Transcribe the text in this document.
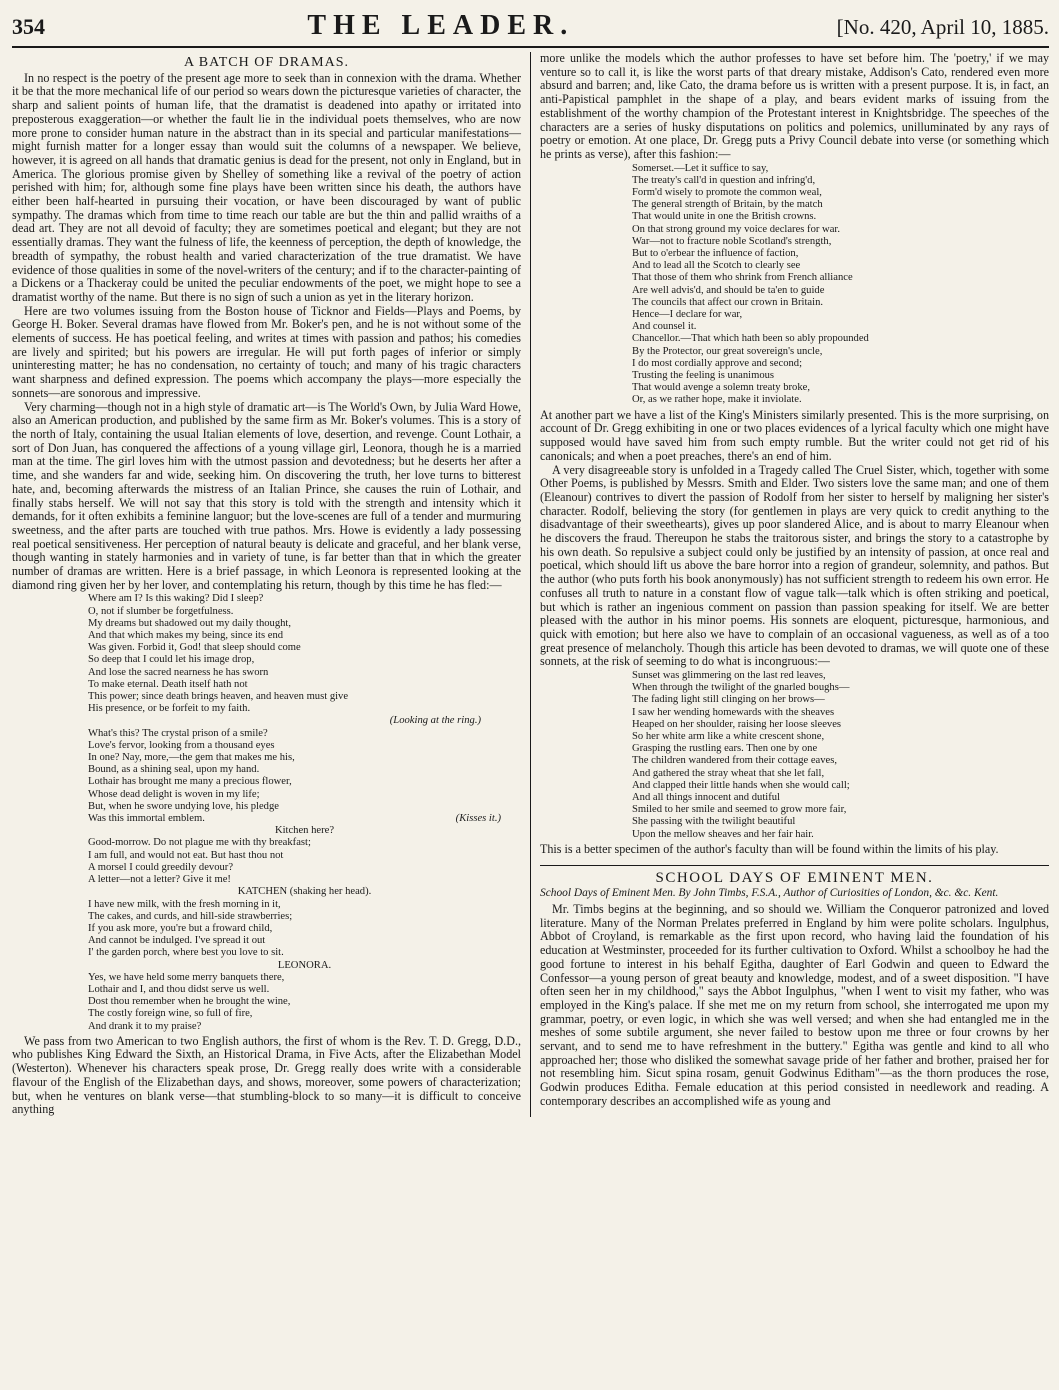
354	THE LEADER.	[No. 420, April 10, 1885.
A BATCH OF DRAMAS.

In no respect is the poetry of the present age more to seek than in connexion with the drama. Whether it be that the more mechanical life of our period so wears down the picturesque varieties of character, the sharp and salient points of human life, that the dramatist is deadened into apathy or irritated into preposterous exaggeration—or whether the fault lie in the individual poets themselves, who are now more prone to consider human nature in the abstract than in its special and particular manifestations—might furnish matter for a longer essay than would suit the columns of a newspaper. We believe, however, it is agreed on all hands that dramatic genius is dead for the present, not only in England, but in America. The glorious promise given by Shelley of something like a revival of the poetry of action perished with him; for, although some fine plays have been written since his death, the authors have either been half-hearted in pursuing their vocation, or have been discouraged by want of public sympathy. The dramas which from time to time reach our table are but the thin and pallid wraiths of a dead art. They are not all devoid of faculty; they are sometimes poetical and elegant; but they are not essentially dramas. They want the fulness of life, the keenness of perception, the depth of knowledge, the breadth of sympathy, the robust health and varied characterization of the true dramatist. We have evidence of those qualities in some of the novel-writers of the century; and if to the character-painting of a Dickens or a Thackeray could be united the peculiar endowments of the poet, we might hope to see a dramatist worthy of the name. But there is no sign of such a union as yet in the literary horizon.

Here are two volumes issuing from the Boston house of Ticknor and Fields—Plays and Poems, by George H. Boker. Several dramas have flowed from Mr. Boker's pen, and he is not without some of the elements of success. He has poetical feeling, and writes at times with passion and pathos; his comedies are lively and spirited; but his powers are irregular. He will put forth pages of inferior or simply uninteresting matter; he has no condensation, no certainty of touch; and many of his tragic characters want sharpness and defined expression. The poems which accompany the plays—more especially the sonnets—are sonorous and impressive.

Very charming—though not in a high style of dramatic art—is The World's Own, by Julia Ward Howe, also an American production, and published by the same firm as Mr. Boker's volumes. This is a story of the north of Italy, containing the usual Italian elements of love, desertion, and revenge. Count Lothair, a sort of Don Juan, has conquered the affections of a young village girl, Leonora, though he is a married man at the time. The girl loves him with the utmost passion and devotedness; but he deserts her after a time, and she wanders far and wide, seeking him. On discovering the truth, her love turns to bitterest hate, and, becoming afterwards the mistress of an Italian Prince, she causes the ruin of Lothair, and finally stabs herself. We will not say that this story is told with the strength and intensity which it demands, for it often exhibits a feminine languor; but the love-scenes are full of a tender and murmuring sweetness, and the after parts are touched with true pathos. Mrs. Howe is evidently a lady possessing real poetical sensitiveness. Her perception of natural beauty is delicate and graceful, and her blank verse, though wanting in stately harmonies and in variety of tune, is far better than that in which the greater number of dramas are written. Here is a brief passage, in which Leonora is represented looking at the diamond ring given her by her lover, and contemplating his return, though by this time he has fled:—

Where am I? Is this waking? Did I sleep?
O, not if slumber be forgetfulness.
My dreams but shadowed out my daily thought,
And that which makes my being, since its end
Was given. Forbid it, God! that sleep should come
So deep that I could let his image drop,
And lose the sacred nearness he has sworn
To make eternal. Death itself hath not
This power; since death brings heaven, and heaven must give
His presence, or be forfeit to my faith.
(Looking at the ring.)
What's this? The crystal prison of a smile?
Love's fervor, looking from a thousand eyes
In one? Nay, more,—the gem that makes me his,
Bound, as a shining seal, upon my hand.
Lothair has brought me many a precious flower,
Whose dead delight is woven in my life;
But, when he swore undying love, his pledge
Was this immortal emblem.	(Kisses it.)
Kitchen here?
Good-morrow. Do not plague me with thy breakfast;
I am full, and would not eat. But hast thou not
A morsel I could greedily devour?
A letter—not a letter? Give it me!
KATCHEN (shaking her head).
I have new milk, with the fresh morning in it,
The cakes, and curds, and hill-side strawberries;
If you ask more, you're but a froward child,
And cannot be indulged. I've spread it out
I' the garden porch, where best you love to sit.
LEONORA.
Yes, we have held some merry banquets there,
Lothair and I, and thou didst serve us well.
Dost thou remember when he brought the wine,
The costly foreign wine, so full of fire,
And drank it to my praise?

We pass from two American to two English authors, the first of whom is the Rev. T. D. Gregg, D.D., who publishes King Edward the Sixth, an Historical Drama, in Five Acts, after the Elizabethan Model (Westerton). Whenever his characters speak prose, Dr. Gregg really does write with a considerable flavour of the English of the Elizabethan days, and shows, moreover, some powers of characterization; but, when he ventures on blank verse—that stumbling-block to so many—it is difficult to conceive anything

more unlike the models which the author professes to have set before him. The 'poetry,' if we may venture so to call it, is like the worst parts of that dreary mistake, Addison's Cato, rendered even more absurd and barren; and, like Cato, the drama before us is written with a present purpose. It is, in fact, an anti-Papistical pamphlet in the shape of a play, and bears evident marks of issuing from the establishment of the worthy champion of the Protestant interest in Knightsbridge. The speeches of the characters are a series of husky disputations on politics and polemics, unilluminated by any rays of poetry or emotion. At one place, Dr. Gregg puts a Privy Council debate into verse (or something which he prints as verse), after this fashion:—

Somerset.—Let it suffice to say,
The treaty's call'd in question and infring'd,
Form'd wisely to promote the common weal,
The general strength of Britain, by the match
That would unite in one the British crowns.
On that strong ground my voice declares for war.
War—not to fracture noble Scotland's strength,
But to o'erbear the influence of faction,
And to lead all the Scotch to clearly see
That those of them who shrink from French alliance
Are well advis'd, and should be ta'en to guide
The councils that affect our crown in Britain.
Hence—I declare for war,
And counsel it.
Chancellor.—That which hath been so ably propounded
By the Protector, our great sovereign's uncle,
I do most cordially approve and second;
Trusting the feeling is unanimous
That would avenge a solemn treaty broke,
Or, as we rather hope, make it inviolate.

At another part we have a list of the King's Ministers similarly presented. This is the more surprising, on account of Dr. Gregg exhibiting in one or two places evidences of a lyrical faculty which one might have supposed would have saved him from such empty rumble. But the writer could not get rid of his canonicals; and when a poet preaches, there's an end of him.

A very disagreeable story is unfolded in a Tragedy called The Cruel Sister, which, together with some Other Poems, is published by Messrs. Smith and Elder. Two sisters love the same man; and one of them (Eleanour) contrives to divert the passion of Rodolf from her sister to herself by maligning her sister's character. Rodolf, believing the story (for gentlemen in plays are very quick to credit anything to the disadvantage of their sweethearts), gives up poor slandered Alice, and is about to marry Eleanour when he discovers the fraud. Thereupon he stabs the traitorous sister, and brings the story to a catastrophe by his own death. So repulsive a subject could only be justified by an intensity of passion, at once real and poetical, which should lift us above the bare horror into a region of grandeur, solemnity, and pathos. But the author (who puts forth his book anonymously) has not sufficient strength to redeem his own error. He confuses all truth to nature in a constant flow of vague talk—talk which is often striking and poetical, but which is rather an ingenious comment on passion than passion speaking for itself. We are better pleased with the author in his minor poems. His sonnets are eloquent, picturesque, harmonious, and quick with emotion; but here also we have to complain of an occasional vagueness, as well as of a too great presence of melancholy. Though this article has been devoted to dramas, we will quote one of these sonnets, at the risk of seeming to do what is incongruous:—

Sunset was glimmering on the last red leaves,
When through the twilight of the gnarled boughs—
The fading light still clinging on her brows—
I saw her wending homewards with the sheaves
Heaped on her shoulder, raising her loose sleeves
So her white arm like a white crescent shone,
Grasping the rustling ears. Then one by one
The children wandered from their cottage eaves,
And gathered the stray wheat that she let fall,
And clapped their little hands when she would call;
And all things innocent and dutiful
Smiled to her smile and seemed to grow more fair,
She passing with the twilight beautiful
Upon the mellow sheaves and her fair hair.

This is a better specimen of the author's faculty than will be found within the limits of his play.

SCHOOL DAYS OF EMINENT MEN.

School Days of Eminent Men. By John Timbs, F.S.A., Author of Curiosities of London, &c. &c. Kent.

Mr. Timbs begins at the beginning, and so should we. William the Conqueror patronized and loved literature. Many of the Norman Prelates preferred in England by him were polite scholars. Ingulphus, Abbot of Croyland, is remarkable as the first upon record, who having laid the foundation of his education at Westminster, proceeded for its further cultivation to Oxford. Whilst a schoolboy he had the good fortune to interest in his behalf Egitha, daughter of Earl Godwin and queen to Edward the Confessor—a young person of great beauty and knowledge, modest, and of a sweet disposition. "I have often seen her in my childhood," says the Abbot Ingulphus, "when I went to visit my father, who was employed in the King's palace. If she met me on my return from school, she interrogated me upon my grammar, poetry, or even logic, in which she was well versed; and when she had entangled me in the meshes of some subtile argument, she never failed to bestow upon me three or four crowns by her servant, and to send me to have refreshment in the buttery." Egitha was gentle and kind to all who approached her; those who disliked the somewhat savage pride of her father and brother, praised her for not resembling him. Sicut spina rosam, genuit Godwinus Editham"—as the thorn produces the rose, Godwin produces Editha. Female education at this period consisted in needlework and reading. A contemporary describes an accomplished wife as young and
